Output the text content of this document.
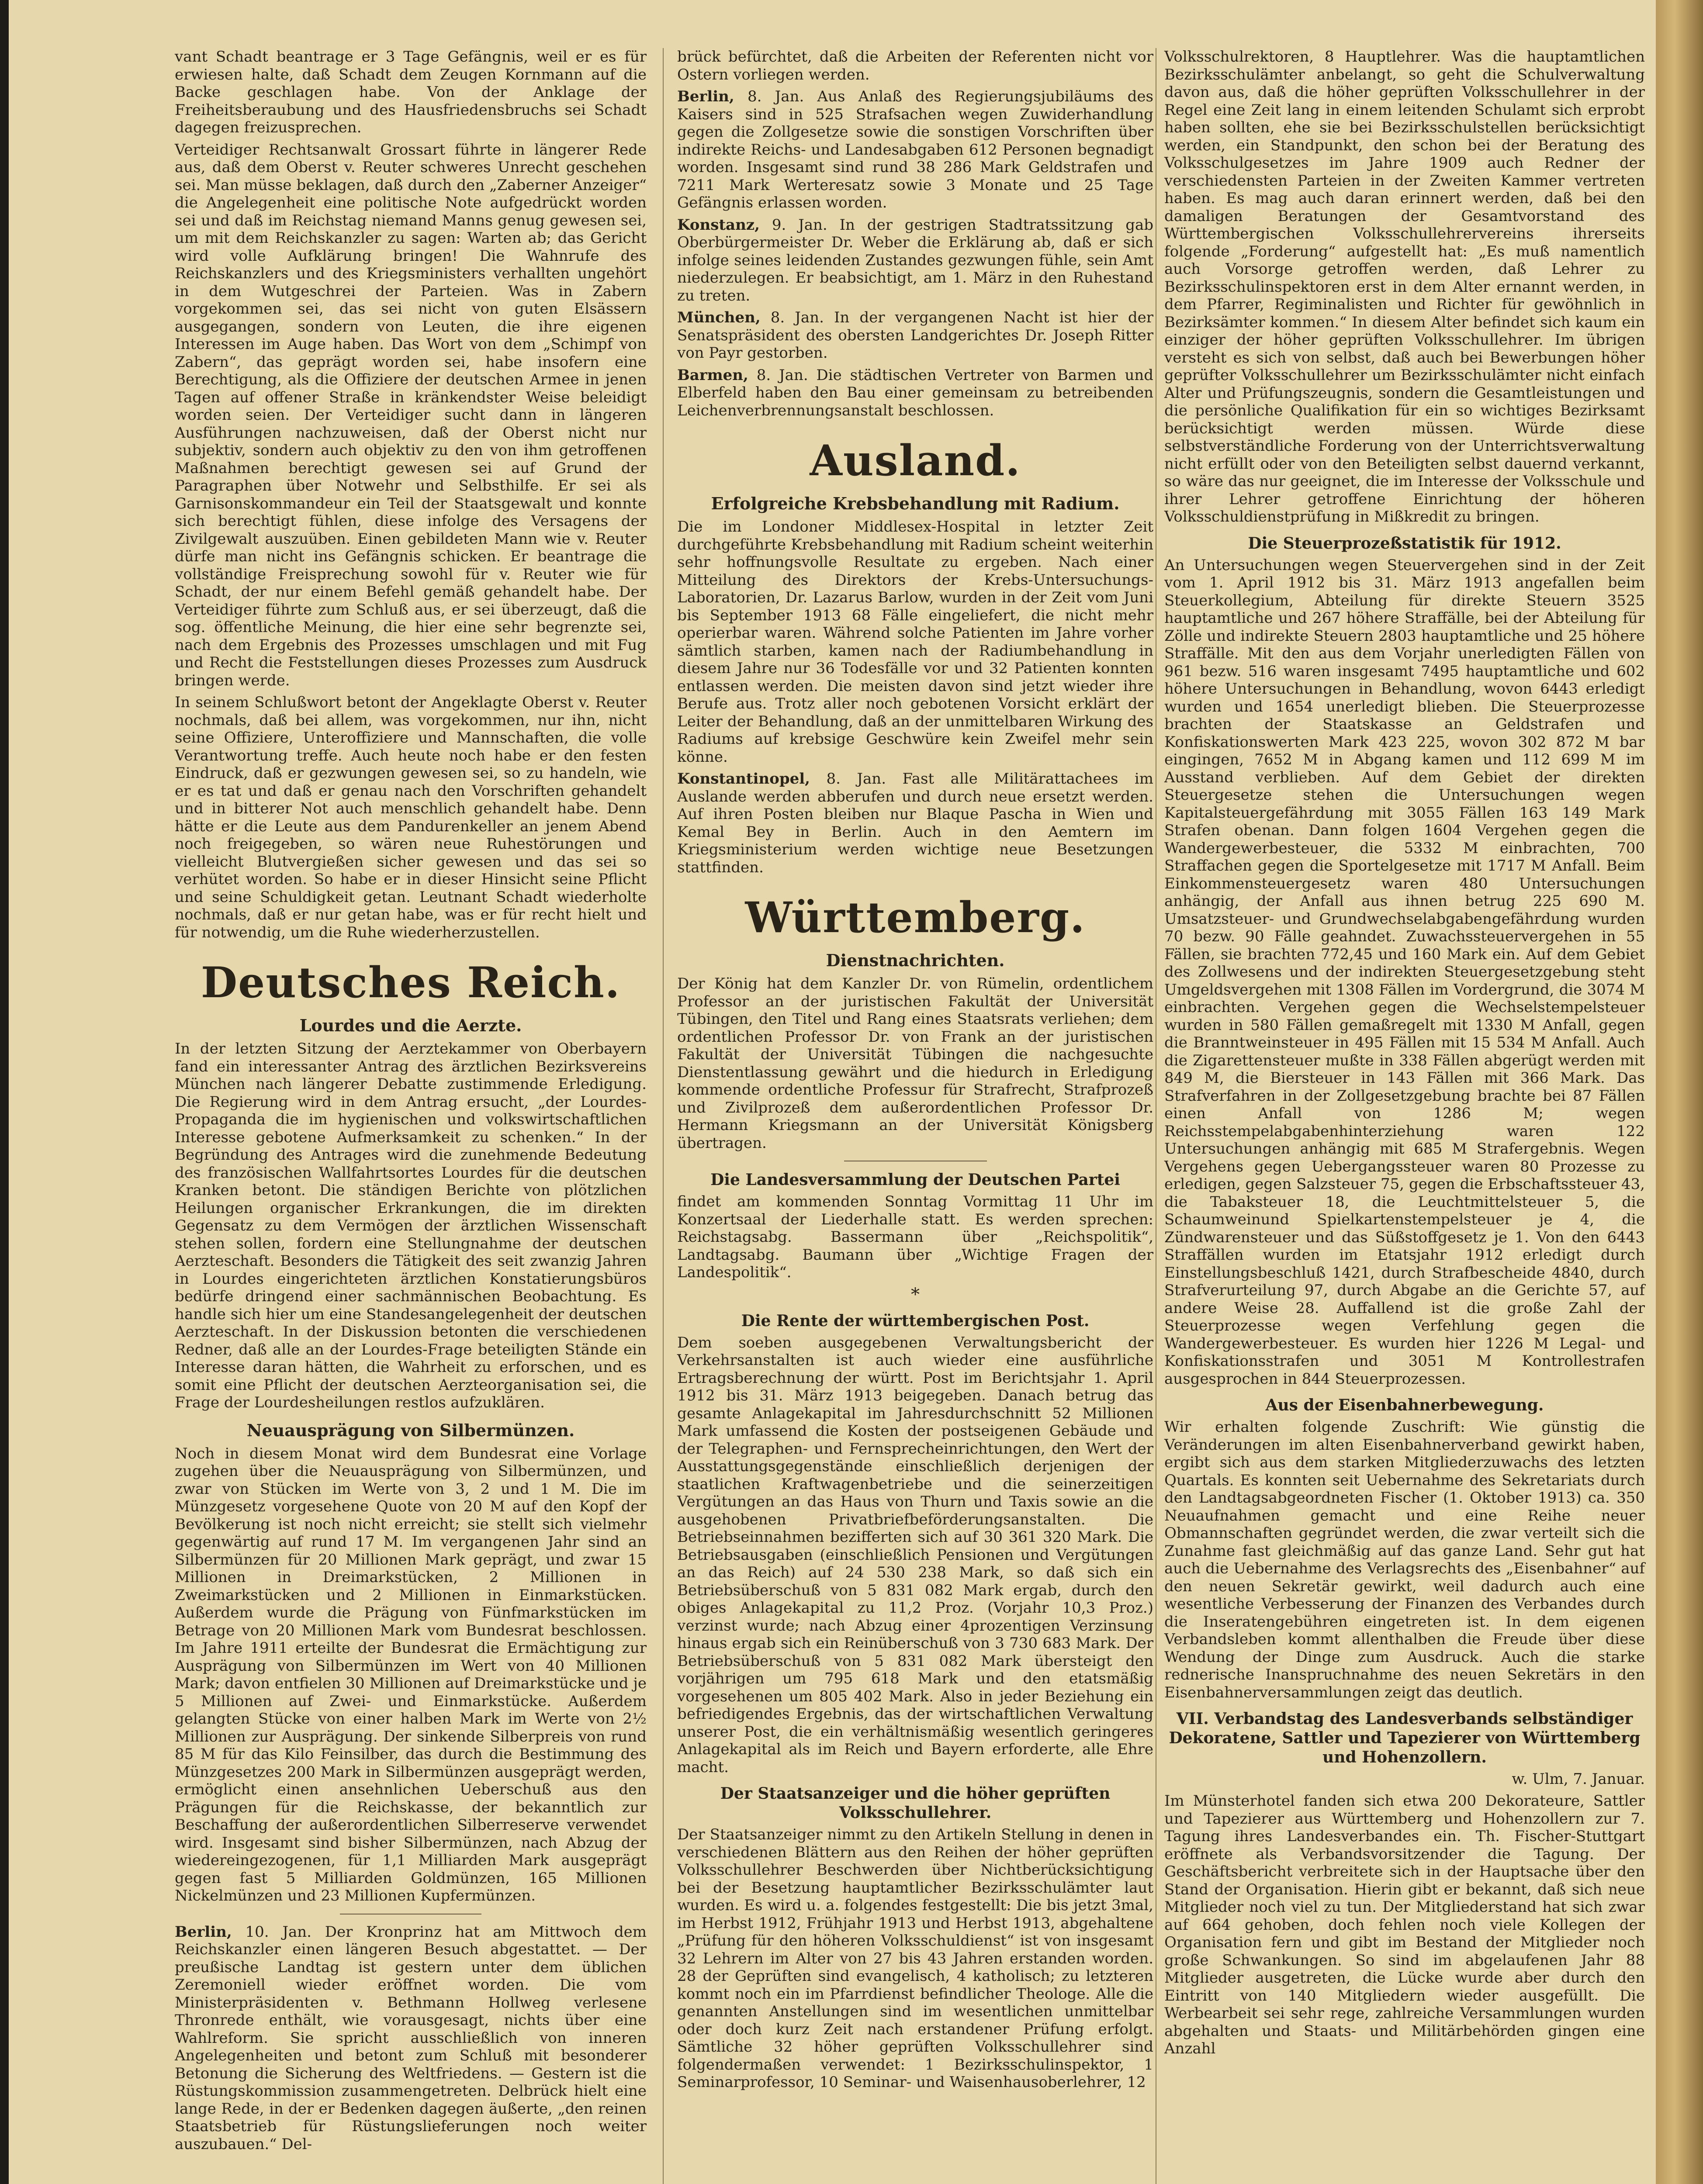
vant Schadt beantrage er 3 Tage Gefängnis, weil er es für erwiesen halte, daß Schadt dem Zeugen Kornmann auf die Backe geschlagen habe. Von der Anklage der Freiheitsberaubung und des Hausfriedensbruchs sei Schadt dagegen freizusprechen.

Verteidiger Rechtsanwalt Grossart führte in längerer Rede aus, daß dem Oberst v. Reuter schweres Unrecht geschehen sei. Man müsse beklagen, daß durch den „Zaberner Anzeiger“ die Angelegenheit eine politische Note aufgedrückt worden sei und daß im Reichstag niemand Manns genug gewesen sei, um mit dem Reichskanzler zu sagen: Warten ab; das Gericht wird volle Aufklärung bringen! Die Wahnrufe des Reichskanzlers und des Kriegsministers verhallten ungehört in dem Wutgeschrei der Parteien. Was in Zabern vorgekommen sei, das sei nicht von guten Elsässern ausgegangen, sondern von Leuten, die ihre eigenen Interessen im Auge haben. Das Wort von dem „Schimpf von Zabern“, das geprägt worden sei, habe insofern eine Berechtigung, als die Offiziere der deutschen Armee in jenen Tagen auf offener Straße in kränkendster Weise beleidigt worden seien. Der Verteidiger sucht dann in längeren Ausführungen nachzuweisen, daß der Oberst nicht nur subjektiv, sondern auch objektiv zu den von ihm getroffenen Maßnahmen berechtigt gewesen sei auf Grund der Paragraphen über Notwehr und Selbsthilfe. Er sei als Garnisonskommandeur ein Teil der Staatsgewalt und konnte sich berechtigt fühlen, diese infolge des Versagens der Zivilgewalt auszuüben. Einen gebildeten Mann wie v. Reuter dürfe man nicht ins Gefängnis schicken. Er beantrage die vollständige Freisprechung sowohl für v. Reuter wie für Schadt, der nur einem Befehl gemäß gehandelt habe. Der Verteidiger führte zum Schluß aus, er sei überzeugt, daß die sog. öffentliche Meinung, die hier eine sehr begrenzte sei, nach dem Ergebnis des Prozesses umschlagen und mit Fug und Recht die Feststellungen dieses Prozesses zum Ausdruck bringen werde.

In seinem Schlußwort betont der Angeklagte Oberst v. Reuter nochmals, daß bei allem, was vorgekommen, nur ihn, nicht seine Offiziere, Unteroffiziere und Mannschaften, die volle Verantwortung treffe. Auch heute noch habe er den festen Eindruck, daß er gezwungen gewesen sei, so zu handeln, wie er es tat und daß er genau nach den Vorschriften gehandelt und in bitterer Not auch menschlich gehandelt habe. Denn hätte er die Leute aus dem Pandurenkeller an jenem Abend noch freigegeben, so wären neue Ruhestörungen und vielleicht Blutvergießen sicher gewesen und das sei so verhütet worden. So habe er in dieser Hinsicht seine Pflicht und seine Schuldigkeit getan. Leutnant Schadt wiederholte nochmals, daß er nur getan habe, was er für recht hielt und für notwendig, um die Ruhe wiederherzustellen.

Deutsches Reich.
Lourdes und die Aerzte.

In der letzten Sitzung der Aerztekammer von Oberbayern fand ein interessanter Antrag des ärztlichen Bezirksvereins München nach längerer Debatte zustimmende Erledigung. Die Regierung wird in dem Antrag ersucht, „der Lourdes-Propaganda die im hygienischen und volkswirtschaftlichen Interesse gebotene Aufmerksamkeit zu schenken.“ In der Begründung des Antrages wird die zunehmende Bedeutung des französischen Wallfahrtsortes Lourdes für die deutschen Kranken betont. Die ständigen Berichte von plötzlichen Heilungen organischer Erkrankungen, die im direkten Gegensatz zu dem Vermögen der ärztlichen Wissenschaft stehen sollen, fordern eine Stellungnahme der deutschen Aerzteschaft. Besonders die Tätigkeit des seit zwanzig Jahren in Lourdes eingerichteten ärztlichen Konstatierungsbüros bedürfe dringend einer sachmännischen Beobachtung. Es handle sich hier um eine Standesangelegenheit der deutschen Aerzteschaft. In der Diskussion betonten die verschiedenen Redner, daß alle an der Lourdes-Frage beteiligten Stände ein Interesse daran hätten, die Wahrheit zu erforschen, und es somit eine Pflicht der deutschen Aerzteorganisation sei, die Frage der Lourdesheilungen restlos aufzuklären.

Neuausprägung von Silbermünzen.

Noch in diesem Monat wird dem Bundesrat eine Vorlage zugehen über die Neuausprägung von Silbermünzen, und zwar von Stücken im Werte von 3, 2 und 1 M. Die im Münzgesetz vorgesehene Quote von 20 M auf den Kopf der Bevölkerung ist noch nicht erreicht; sie stellt sich vielmehr gegenwärtig auf rund 17 M. Im vergangenen Jahr sind an Silbermünzen für 20 Millionen Mark geprägt, und zwar 15 Millionen in Dreimarkstücken, 2 Millionen in Zweimarkstücken und 2 Millionen in Einmarkstücken. Außerdem wurde die Prägung von Fünfmarkstücken im Betrage von 20 Millionen Mark vom Bundesrat beschlossen. Im Jahre 1911 erteilte der Bundesrat die Ermächtigung zur Ausprägung von Silbermünzen im Wert von 40 Millionen Mark; davon entfielen 30 Millionen auf Dreimarkstücke und je 5 Millionen auf Zwei- und Einmarkstücke. Außerdem gelangten Stücke von einer halben Mark im Werte von 2½ Millionen zur Ausprägung. Der sinkende Silberpreis von rund 85 M für das Kilo Feinsilber, das durch die Bestimmung des Münzgesetzes 200 Mark in Silbermünzen ausgeprägt werden, ermöglicht einen ansehnlichen Ueberschuß aus den Prägungen für die Reichskasse, der bekanntlich zur Beschaffung der außerordentlichen Silberreserve verwendet wird. Insgesamt sind bisher Silbermünzen, nach Abzug der wiedereingezogenen, für 1,1 Milliarden Mark ausgeprägt gegen fast 5 Milliarden Goldmünzen, 165 Millionen Nickelmünzen und 23 Millionen Kupfermünzen.

Berlin, 10. Jan. Der Kronprinz hat am Mittwoch dem Reichskanzler einen längeren Besuch abgestattet. — Der preußische Landtag ist gestern unter dem üblichen Zeremoniell wieder eröffnet worden. Die vom Ministerpräsidenten v. Bethmann Hollweg verlesene Thronrede enthält, wie vorausgesagt, nichts über eine Wahlreform. Sie spricht ausschließlich von inneren Angelegenheiten und betont zum Schluß mit besonderer Betonung die Sicherung des Weltfriedens. — Gestern ist die Rüstungskommission zusammengetreten. Delbrück hielt eine lange Rede, in der er Bedenken dagegen äußerte, „den reinen Staatsbetrieb für Rüstungslieferungen noch weiter auszubauen.“ Del-

brück befürchtet, daß die Arbeiten der Referenten nicht vor Ostern vorliegen werden.

Berlin, 8. Jan. Aus Anlaß des Regierungsjubiläums des Kaisers sind in 525 Strafsachen wegen Zuwiderhandlung gegen die Zollgesetze sowie die sonstigen Vorschriften über indirekte Reichs- und Landesabgaben 612 Personen begnadigt worden. Insgesamt sind rund 38 286 Mark Geldstrafen und 7211 Mark Werteresatz sowie 3 Monate und 25 Tage Gefängnis erlassen worden.

Konstanz, 9. Jan. In der gestrigen Stadtratssitzung gab Oberbürgermeister Dr. Weber die Erklärung ab, daß er sich infolge seines leidenden Zustandes gezwungen fühle, sein Amt niederzulegen. Er beabsichtigt, am 1. März in den Ruhestand zu treten.

München, 8. Jan. In der vergangenen Nacht ist hier der Senatspräsident des obersten Landgerichtes Dr. Joseph Ritter von Payr gestorben.

Barmen, 8. Jan. Die städtischen Vertreter von Barmen und Elberfeld haben den Bau einer gemeinsam zu betreibenden Leichenverbrennungsanstalt beschlossen.

Ausland.
Erfolgreiche Krebsbehandlung mit Radium.

Die im Londoner Middlesex-Hospital in letzter Zeit durchgeführte Krebsbehandlung mit Radium scheint weiterhin sehr hoffnungsvolle Resultate zu ergeben. Nach einer Mitteilung des Direktors der Krebs-Untersuchungs-Laboratorien, Dr. Lazarus Barlow, wurden in der Zeit vom Juni bis September 1913 68 Fälle eingeliefert, die nicht mehr operierbar waren. Während solche Patienten im Jahre vorher sämtlich starben, kamen nach der Radiumbehandlung in diesem Jahre nur 36 Todesfälle vor und 32 Patienten konnten entlassen werden. Die meisten davon sind jetzt wieder ihre Berufe aus. Trotz aller noch gebotenen Vorsicht erklärt der Leiter der Behandlung, daß an der unmittelbaren Wirkung des Radiums auf krebsige Geschwüre kein Zweifel mehr sein könne.

Konstantinopel, 8. Jan. Fast alle Militärattachees im Auslande werden abberufen und durch neue ersetzt werden. Auf ihren Posten bleiben nur Blaque Pascha in Wien und Kemal Bey in Berlin. Auch in den Aemtern im Kriegsministerium werden wichtige neue Besetzungen stattfinden.

Württemberg.
Dienstnachrichten.

Der König hat dem Kanzler Dr. von Rümelin, ordentlichem Professor an der juristischen Fakultät der Universität Tübingen, den Titel und Rang eines Staatsrats verliehen; dem ordentlichen Professor Dr. von Frank an der juristischen Fakultät der Universität Tübingen die nachgesuchte Dienstentlassung gewährt und die hiedurch in Erledigung kommende ordentliche Professur für Strafrecht, Strafprozeß und Zivilprozeß dem außerordentlichen Professor Dr. Hermann Kriegsmann an der Universität Königsberg übertragen.

Die Landesversammlung der Deutschen Partei

findet am kommenden Sonntag Vormittag 11 Uhr im Konzertsaal der Liederhalle statt. Es werden sprechen: Reichstagsabg. Bassermann über „Reichspolitik“, Landtagsabg. Baumann über „Wichtige Fragen der Landespolitik“.

*
Die Rente der württembergischen Post.

Dem soeben ausgegebenen Verwaltungsbericht der Verkehrsanstalten ist auch wieder eine ausführliche Ertragsberechnung der württ. Post im Berichtsjahr 1. April 1912 bis 31. März 1913 beigegeben. Danach betrug das gesamte Anlagekapital im Jahresdurchschnitt 52 Millionen Mark umfassend die Kosten der postseigenen Gebäude und der Telegraphen- und Fernsprecheinrichtungen, den Wert der Ausstattungsgegenstände einschließlich derjenigen der staatlichen Kraftwagenbetriebe und die seinerzeitigen Vergütungen an das Haus von Thurn und Taxis sowie an die ausgehobenen Privatbriefbeförderungsanstalten. Die Betriebseinnahmen bezifferten sich auf 30 361 320 Mark. Die Betriebsausgaben (einschließlich Pensionen und Vergütungen an das Reich) auf 24 530 238 Mark, so daß sich ein Betriebsüberschuß von 5 831 082 Mark ergab, durch den obiges Anlagekapital zu 11,2 Proz. (Vorjahr 10,3 Proz.) verzinst wurde; nach Abzug einer 4prozentigen Verzinsung hinaus ergab sich ein Reinüberschuß von 3 730 683 Mark. Der Betriebsüberschuß von 5 831 082 Mark übersteigt den vorjährigen um 795 618 Mark und den etatsmäßig vorgesehenen um 805 402 Mark. Also in jeder Beziehung ein befriedigendes Ergebnis, das der wirtschaftlichen Verwaltung unserer Post, die ein verhältnismäßig wesentlich geringeres Anlagekapital als im Reich und Bayern erforderte, alle Ehre macht.

Der Staatsanzeiger und die höher geprüften Volksschullehrer.

Der Staatsanzeiger nimmt zu den Artikeln Stellung in denen in verschiedenen Blättern aus den Reihen der höher geprüften Volksschullehrer Beschwerden über Nichtberücksichtigung bei der Besetzung hauptamtlicher Bezirksschulämter laut wurden. Es wird u. a. folgendes festgestellt: Die bis jetzt 3mal, im Herbst 1912, Frühjahr 1913 und Herbst 1913, abgehaltene „Prüfung für den höheren Volksschuldienst“ ist von insgesamt 32 Lehrern im Alter von 27 bis 43 Jahren erstanden worden. 28 der Geprüften sind evangelisch, 4 katholisch; zu letzteren kommt noch ein im Pfarrdienst befindlicher Theologe. Alle die genannten Anstellungen sind im wesentlichen unmittelbar oder doch kurz Zeit nach erstandener Prüfung erfolgt. Sämtliche 32 höher geprüften Volksschullehrer sind folgendermaßen verwendet: 1 Bezirksschulinspektor, 1 Seminarprofessor, 10 Seminar- und Waisenhausoberlehrer, 12

Volksschulrektoren, 8 Hauptlehrer. Was die hauptamtlichen Bezirksschulämter anbelangt, so geht die Schulverwaltung davon aus, daß die höher geprüften Volksschullehrer in der Regel eine Zeit lang in einem leitenden Schulamt sich erprobt haben sollten, ehe sie bei Bezirksschulstellen berücksichtigt werden, ein Standpunkt, den schon bei der Beratung des Volksschulgesetzes im Jahre 1909 auch Redner der verschiedensten Parteien in der Zweiten Kammer vertreten haben. Es mag auch daran erinnert werden, daß bei den damaligen Beratungen der Gesamtvorstand des Württembergischen Volksschullehrervereins ihrerseits folgende „Forderung“ aufgestellt hat: „Es muß namentlich auch Vorsorge getroffen werden, daß Lehrer zu Bezirksschulinspektoren erst in dem Alter ernannt werden, in dem Pfarrer, Regiminalisten und Richter für gewöhnlich in Bezirksämter kommen.“ In diesem Alter befindet sich kaum ein einziger der höher geprüften Volksschullehrer. Im übrigen versteht es sich von selbst, daß auch bei Bewerbungen höher geprüfter Volksschullehrer um Bezirksschulämter nicht einfach Alter und Prüfungszeugnis, sondern die Gesamtleistungen und die persönliche Qualifikation für ein so wichtiges Bezirksamt berücksichtigt werden müssen. Würde diese selbstverständliche Forderung von der Unterrichtsverwaltung nicht erfüllt oder von den Beteiligten selbst dauernd verkannt, so wäre das nur geeignet, die im Interesse der Volksschule und ihrer Lehrer getroffene Einrichtung der höheren Volksschuldienstprüfung in Mißkredit zu bringen.

Die Steuerprozeßstatistik für 1912.

An Untersuchungen wegen Steuervergehen sind in der Zeit vom 1. April 1912 bis 31. März 1913 angefallen beim Steuerkollegium, Abteilung für direkte Steuern 3525 hauptamtliche und 267 höhere Straffälle, bei der Abteilung für Zölle und indirekte Steuern 2803 hauptamtliche und 25 höhere Straffälle. Mit den aus dem Vorjahr unerledigten Fällen von 961 bezw. 516 waren insgesamt 7495 hauptamtliche und 602 höhere Untersuchungen in Behandlung, wovon 6443 erledigt wurden und 1654 unerledigt blieben. Die Steuerprozesse brachten der Staatskasse an Geldstrafen und Konfiskationswerten Mark 423 225, wovon 302 872 M bar eingingen, 7652 M in Abgang kamen und 112 699 M im Ausstand verblieben. Auf dem Gebiet der direkten Steuergesetze stehen die Untersuchungen wegen Kapitalsteuergefährdung mit 3055 Fällen 163 149 Mark Strafen obenan. Dann folgen 1604 Vergehen gegen die Wandergewerbesteuer, die 5332 M einbrachten, 700 Straffachen gegen die Sportelgesetze mit 1717 M Anfall. Beim Einkommensteuergesetz waren 480 Untersuchungen anhängig, der Anfall aus ihnen betrug 225 690 M. Umsatzsteuer- und Grundwechselabgabengefährdung wurden 70 bezw. 90 Fälle geahndet. Zuwachssteuervergehen in 55 Fällen, sie brachten 772,45 und 160 Mark ein. Auf dem Gebiet des Zollwesens und der indirekten Steuergesetzgebung steht Umgeldsvergehen mit 1308 Fällen im Vordergrund, die 3074 M einbrachten. Vergehen gegen die Wechselstempelsteuer wurden in 580 Fällen gemaßregelt mit 1330 M Anfall, gegen die Branntweinsteuer in 495 Fällen mit 15 534 M Anfall. Auch die Zigarettensteuer mußte in 338 Fällen abgerügt werden mit 849 M, die Biersteuer in 143 Fällen mit 366 Mark. Das Strafverfahren in der Zollgesetzgebung brachte bei 87 Fällen einen Anfall von 1286 M; wegen Reichsstempelabgabenhinterziehung waren 122 Untersuchungen anhängig mit 685 M Strafergebnis. Wegen Vergehens gegen Uebergangssteuer waren 80 Prozesse zu erledigen, gegen Salzsteuer 75, gegen die Erbschaftssteuer 43, die Tabaksteuer 18, die Leuchtmittelsteuer 5, die Schaumweinund Spielkartenstempelsteuer je 4, die Zündwarensteuer und das Süßstoffgesetz je 1. Von den 6443 Straffällen wurden im Etatsjahr 1912 erledigt durch Einstellungsbeschluß 1421, durch Strafbescheide 4840, durch Strafverurteilung 97, durch Abgabe an die Gerichte 57, auf andere Weise 28. Auffallend ist die große Zahl der Steuerprozesse wegen Verfehlung gegen die Wandergewerbesteuer. Es wurden hier 1226 M Legal- und Konfiskationsstrafen und 3051 M Kontrollestrafen ausgesprochen in 844 Steuerprozessen.

Aus der Eisenbahnerbewegung.

Wir erhalten folgende Zuschrift: Wie günstig die Veränderungen im alten Eisenbahnerverband gewirkt haben, ergibt sich aus dem starken Mitgliederzuwachs des letzten Quartals. Es konnten seit Uebernahme des Sekretariats durch den Landtagsabgeordneten Fischer (1. Oktober 1913) ca. 350 Neuaufnahmen gemacht und eine Reihe neuer Obmannschaften gegründet werden, die zwar verteilt sich die Zunahme fast gleichmäßig auf das ganze Land. Sehr gut hat auch die Uebernahme des Verlagsrechts des „Eisenbahner“ auf den neuen Sekretär gewirkt, weil dadurch auch eine wesentliche Verbesserung der Finanzen des Verbandes durch die Inseratengebühren eingetreten ist. In dem eigenen Verbandsleben kommt allenthalben die Freude über diese Wendung der Dinge zum Ausdruck. Auch die starke rednerische Inanspruchnahme des neuen Sekretärs in den Eisenbahnerversammlungen zeigt das deutlich.

VII. Verbandstag des Landesverbands selbständiger Dekoratene, Sattler und Tapezierer von Württemberg und Hohenzollern.
w. Ulm, 7. Januar.

Im Münsterhotel fanden sich etwa 200 Dekorateure, Sattler und Tapezierer aus Württemberg und Hohenzollern zur 7. Tagung ihres Landesverbandes ein. Th. Fischer-Stuttgart eröffnete als Verbandsvorsitzender die Tagung. Der Geschäftsbericht verbreitete sich in der Hauptsache über den Stand der Organisation. Hierin gibt er bekannt, daß sich neue Mitglieder noch viel zu tun. Der Mitgliederstand hat sich zwar auf 664 gehoben, doch fehlen noch viele Kollegen der Organisation fern und gibt im Bestand der Mitglieder noch große Schwankungen. So sind im abgelaufenen Jahr 88 Mitglieder ausgetreten, die Lücke wurde aber durch den Eintritt von 140 Mitgliedern wieder ausgefüllt. Die Werbearbeit sei sehr rege, zahlreiche Versammlungen wurden abgehalten und Staats- und Militärbehörden gingen eine Anzahl
